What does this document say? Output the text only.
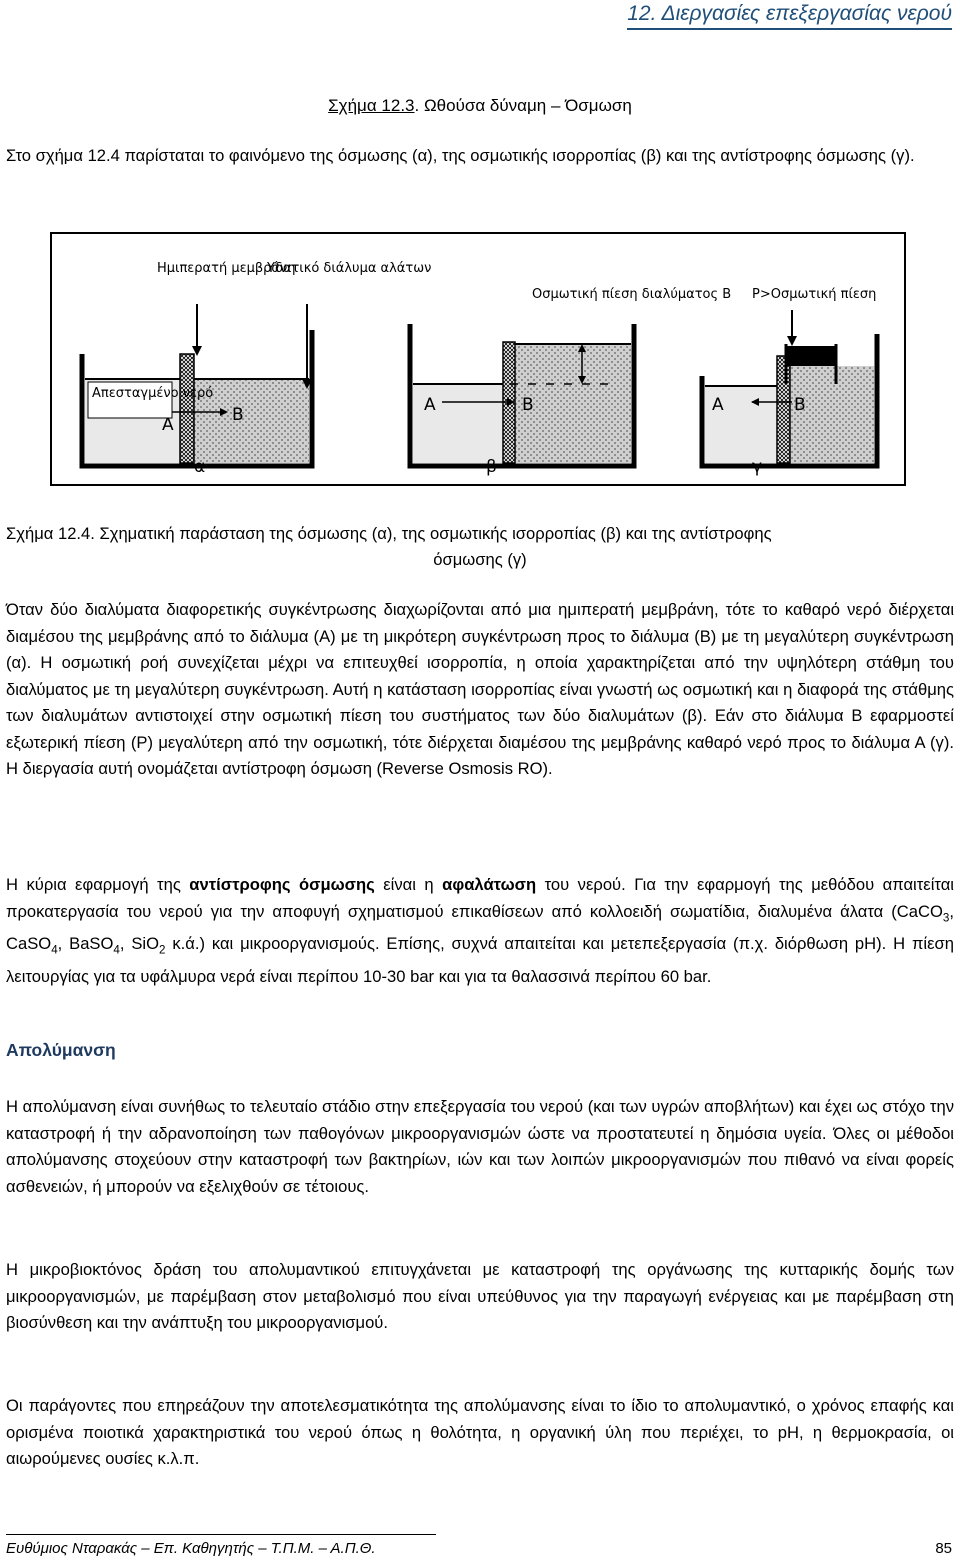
12. Διεργασίες επεξεργασίας νερού

Σχήμα 12.3. Ωθούσα δύναμη – Όσμωση

Στο σχήμα 12.4 παρίσταται το φαινόμενο της όσμωσης (α), της οσμωτικής ισορροπίας (β) και της αντίστροφης όσμωσης (γ).

Ημιπερατή μεμβράνη
Υδατικό διάλυμα αλάτων
Απεσταγμένο νερό
A	B
α
Οσμωτική πίεση διαλύματος Β
A	B
β
P>Οσμωτική πίεση
A	B
γ

Σχήμα 12.4. Σχηματική παράσταση της όσμωσης (α), της οσμωτικής ισορροπίας (β) και της αντίστροφης
όσμωσης (γ)

Όταν δύο διαλύματα διαφορετικής συγκέντρωσης διαχωρίζονται από μια ημιπερατή μεμβράνη, τότε το καθαρό νερό διέρχεται διαμέσου της μεμβράνης από το διάλυμα (Α) με τη μικρότερη συγκέντρωση προς το διάλυμα (Β) με τη μεγαλύτερη συγκέντρωση (α). Η οσμωτική ροή συνεχίζεται μέχρι να επιτευχθεί ισορροπία, η οποία χαρακτηρίζεται από την υψηλότερη στάθμη του διαλύματος με τη μεγαλύτερη συγκέντρωση. Αυτή η κατάσταση ισορροπίας είναι γνωστή ως οσμωτική και η διαφορά της στάθμης των διαλυμάτων αντιστοιχεί στην οσμωτική πίεση του συστήματος των δύο διαλυμάτων (β). Εάν στο διάλυμα Β εφαρμοστεί εξωτερική πίεση (P) μεγαλύτερη από την οσμωτική, τότε διέρχεται διαμέσου της μεμβράνης καθαρό νερό προς το διάλυμα Α (γ). Η διεργασία αυτή ονομάζεται αντίστροφη όσμωση (Reverse Osmosis RO).

Η κύρια εφαρμογή της αντίστροφης όσμωσης είναι η αφαλάτωση του νερού. Για την εφαρμογή της μεθόδου απαιτείται προκατεργασία του νερού για την αποφυγή σχηματισμού επικαθίσεων από κολλοειδή σωματίδια, διαλυμένα άλατα (CaCO$_3$, CaSO$_4$, BaSO$_4$, SiO$_2$ κ.ά.) και μικροοργανισμούς. Επίσης, συχνά απαιτείται και μετεπεξεργασία (π.χ. διόρθωση pH). Η πίεση λειτουργίας για τα υφάλμυρα νερά είναι περίπου 10-30 bar και για τα θαλασσινά περίπου 60 bar.

Απολύμανση

Η απολύμανση είναι συνήθως το τελευταίο στάδιο στην επεξεργασία του νερού (και των υγρών αποβλήτων) και έχει ως στόχο την καταστροφή ή την αδρανοποίηση των παθογόνων μικροοργανισμών ώστε να προστατευτεί η δημόσια υγεία. Όλες οι μέθοδοι απολύμανσης στοχεύουν στην καταστροφή των βακτηρίων, ιών και των λοιπών μικροοργανισμών που πιθανό να είναι φορείς ασθενειών, ή μπορούν να εξελιχθούν σε τέτοιους.

Η μικροβιοκτόνος δράση του απολυμαντικού επιτυγχάνεται με καταστροφή της οργάνωσης της κυτταρικής δομής των μικροοργανισμών, με παρέμβαση στον μεταβολισμό που είναι υπεύθυνος για την παραγωγή ενέργειας και με παρέμβαση στη βιοσύνθεση και την ανάπτυξη του μικροοργανισμού.

Οι παράγοντες που επηρεάζουν την αποτελεσματικότητα της απολύμανσης είναι το ίδιο το απολυμαντικό, ο χρόνος επαφής και ορισμένα ποιοτικά χαρακτηριστικά του νερού όπως η θολότητα, η οργανική ύλη που περιέχει, το pH, η θερμοκρασία, οι αιωρούμενες ουσίες κ.λ.π.

Ευθύμιος Νταρακάς – Επ. Καθηγητής – Τ.Π.Μ. – Α.Π.Θ.	85
